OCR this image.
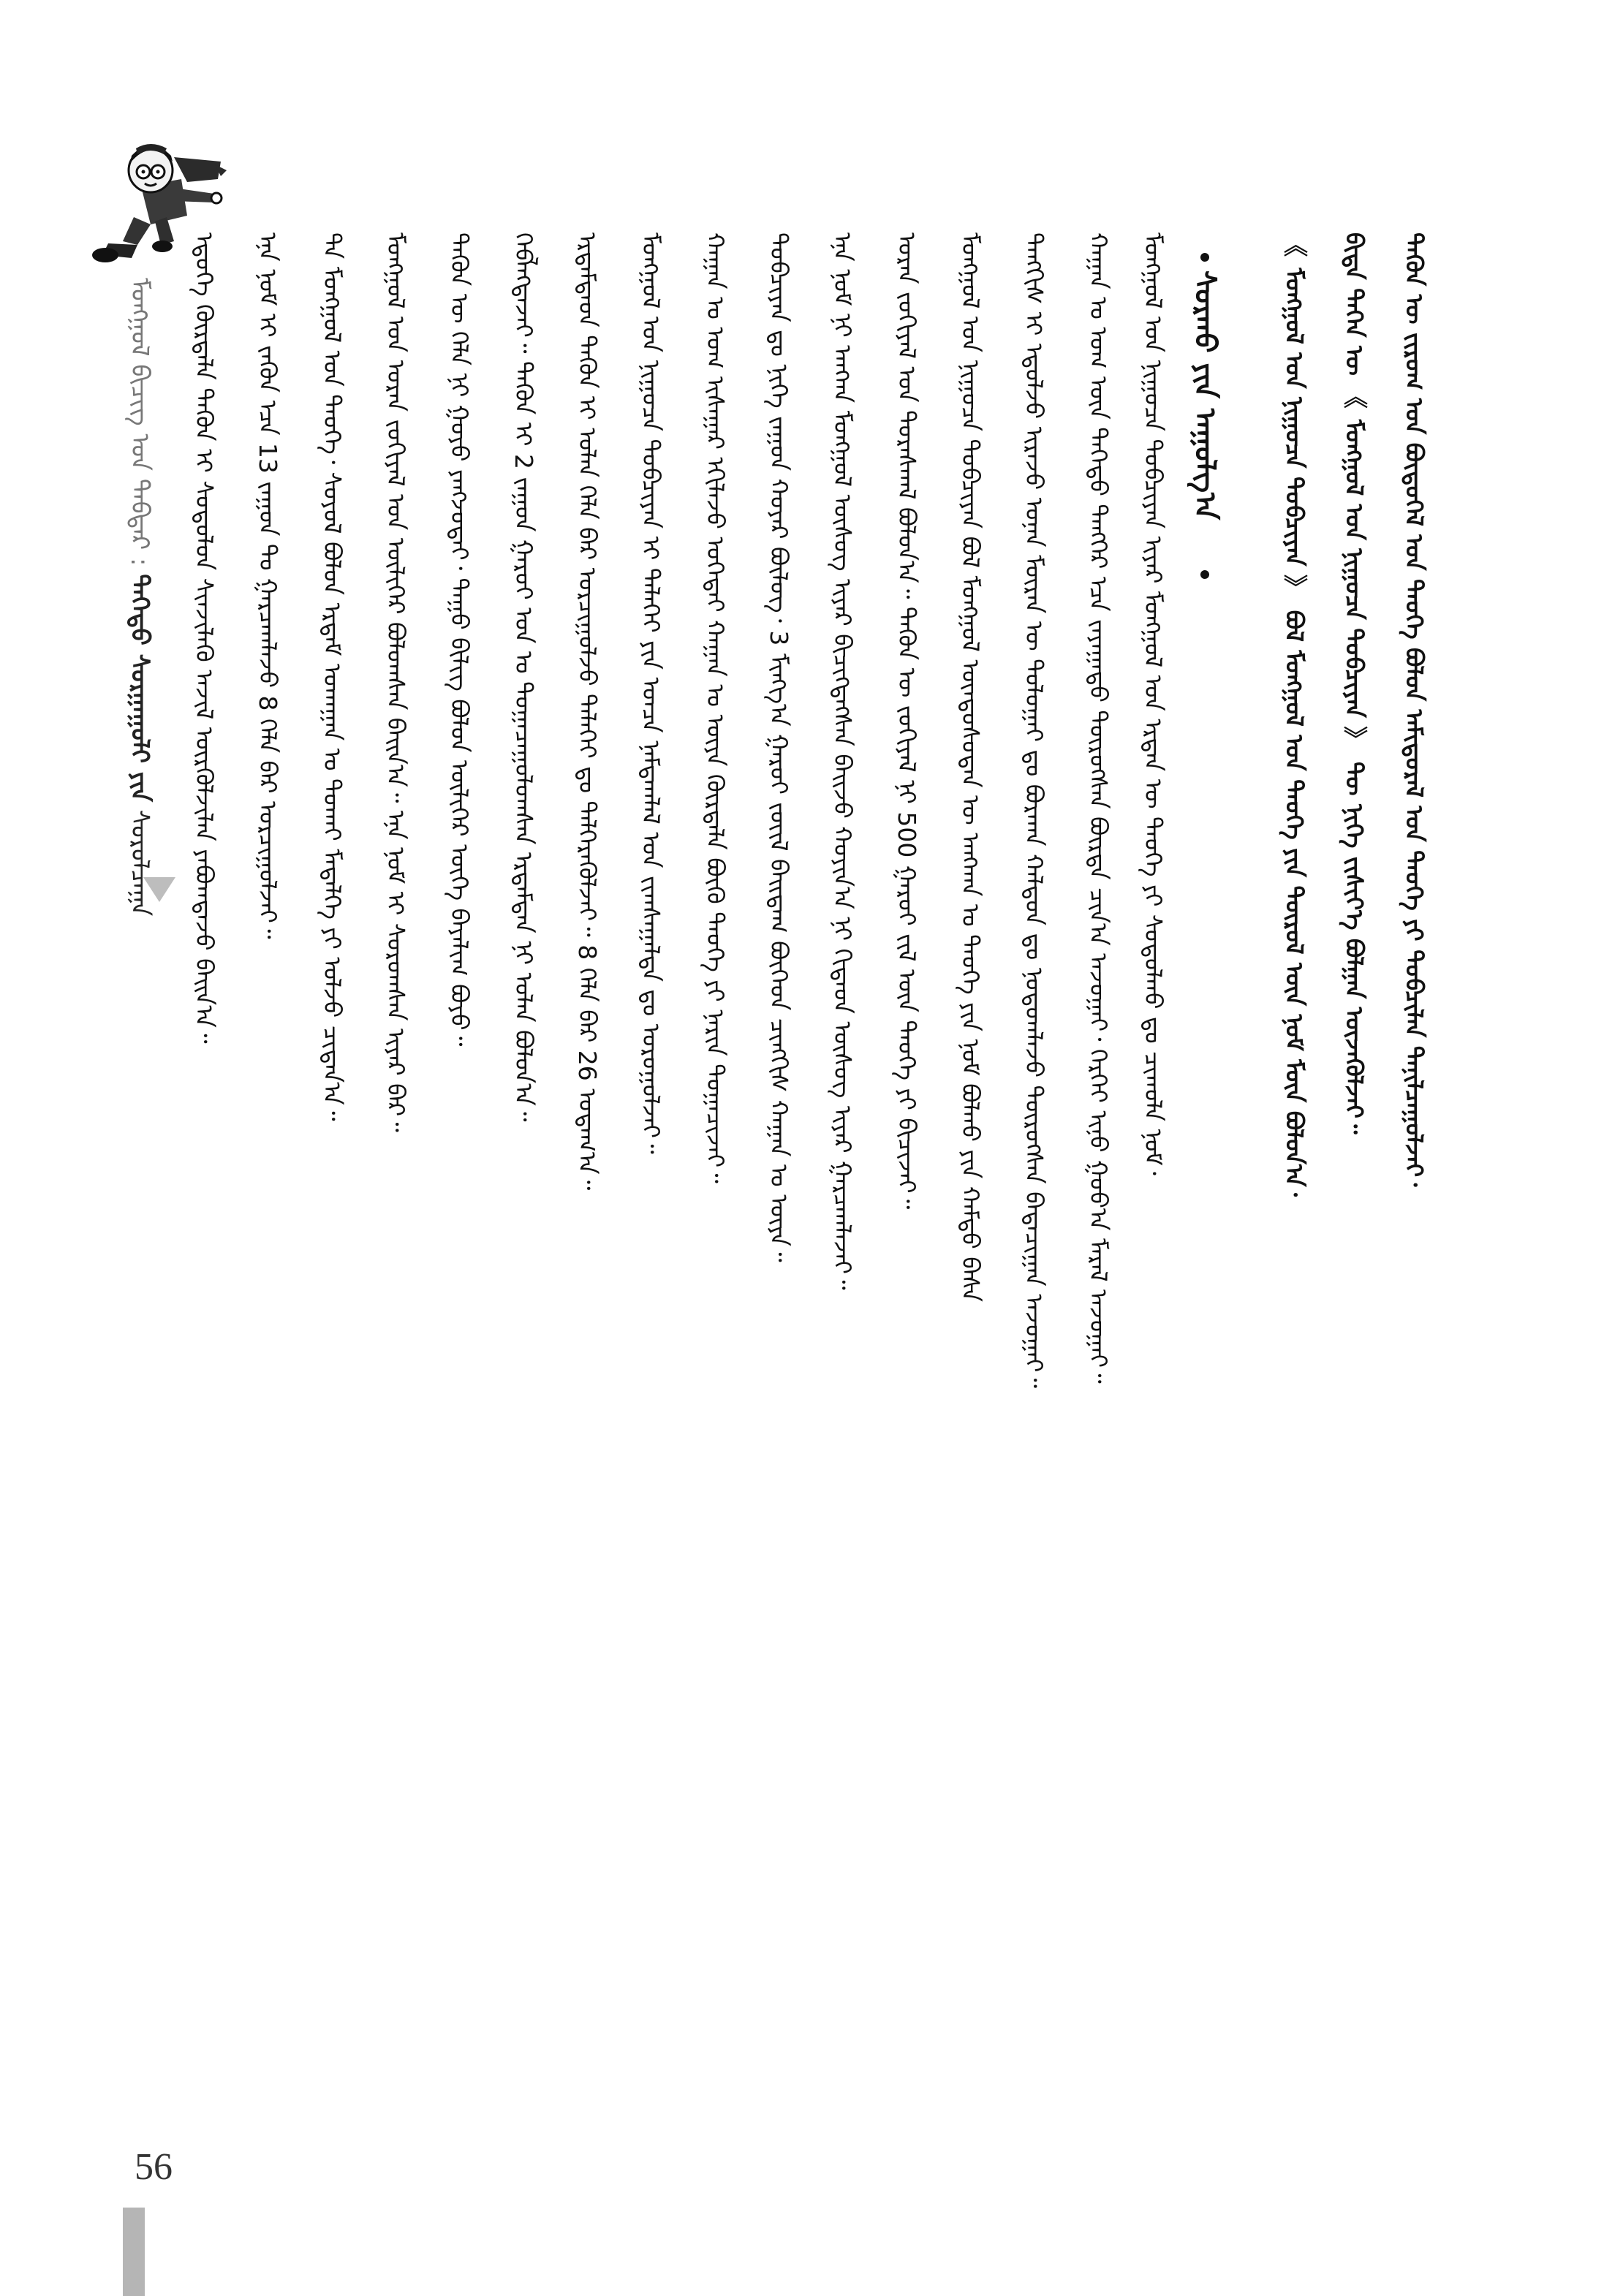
ᠮᠣᠩᠭᠣᠯ ᠪᠢᠴᠢᠭ ᠤᠨ ᠳᠡᠪᠲᠡᠷ : ᠳᠡᠭᠡᠳᠦ ᠰᠤᠷᠭᠠᠭᠤᠯᠢ ᠶᠢᠨ ᠰᠤᠷᠤᠯᠴᠠᠭᠠ
56
ᠲᠡᠭᠦᠨ ᠦ ᠵᠢᠷᠤᠭ ᠤᠨ ᠪᠦᠲᠦᠭᠡᠯ ᠤᠨ ᠲᠡᠤᠬᠡ ᠪᠣᠯᠤᠨ ᠠᠮᠢᠳᠤᠷᠠᠯ ᠤᠨ ᠲᠡᠦᠬᠡ ᠶᠢ ᠲᠣᠪᠴᠢᠯᠠᠨ ᠲᠠᠨᠢᠯᠴᠠᠭᠤᠯᠵᠠᠢ᠂
ᠪᠢᠳᠡ ᠳᠡᠭᠡᠨ ᠦ 《 ᠮᠣᠩᠭᠣᠯ ᠤᠨ ᠨᠢᠭᠤᠴᠠ ᠲᠣᠪᠴᠢᠶᠠᠨ 》 ᠲᠦ ᠨᠢᠭᠡ ᠵᠢᠱᠢᠶ᠎ᠡ ᠪᠣᠯᠭᠠᠨ ᠦᠵᠡᠭᠦᠯᠵᠡᠢ᠃
《 ᠮᠣᠩᠭᠣᠯ ᠤᠨ ᠨᠢᠭᠤᠴᠠ ᠲᠣᠪᠴᠢᠶᠠᠨ 》 ᠪᠣᠯ ᠮᠣᠩᠭᠣᠯ ᠤᠨ ᠲᠡᠦᠬᠡ ᠶᠢᠨ ᠲᠦᠷᠦᠯ ᠦᠨ ᠨᠣᠮ ᠮᠥᠨ ᠪᠣᠯᠤᠨ᠎ᠠ᠂
ᠰᠤᠷᠬᠤ ᠶᠢᠨ ᠠᠭᠤᠯᠭ᠎ᠠ
ᠬᠠᠭᠠᠨ ᠤ ᠤᠭ ᠦᠨ ᠳᠡᠭᠡᠳᠦ ᠲᠡᠩᠭᠡᠷ ᠡᠴᠡ ᠵᠠᠶᠠᠭᠠᠲᠤ ᠲᠥᠷᠦᠭᠰᠡᠨ ᠪᠥᠷᠲᠡ ᠴᠢᠨ᠎ᠠ ᠠᠵᠤᠭᠠᠢ᠂ ᠭᠡᠷᠭᠡᠢ ᠢᠨᠦ ᠭᠤᠤ᠎ᠠ ᠮᠠᠷᠠᠯ ᠠᠵᠤᠭᠠᠢ᠃
ᠲᠡᠩᠭᠢᠰ ᠢ ᠡᠳᠦᠯᠵᠦ ᠢᠷᠡᠵᠦ ᠣᠨᠠᠨ ᠮᠥᠷᠡᠨ ᠦ ᠲᠣᠯᠣᠭᠠᠢ ᠳᠤ ᠪᠤᠷᠬᠠᠨ ᠬᠠᠯᠳᠤᠨ ᠳᠤ ᠨᠤᠲᠤᠭᠯᠠᠵᠤ ᠲᠥᠷᠦᠭᠰᠡᠨ ᠪᠠᠲᠠᠴᠢᠭᠠᠨ ᠠᠵᠤᠭᠠᠢ᠃
ᠮᠣᠩᠭᠣᠯ ᠤᠨ ᠨᠢᠭᠤᠴᠠ ᠲᠣᠪᠴᠢᠶᠠᠨ ᠪᠣᠯ ᠮᠣᠩᠭᠣᠯ ᠦᠨᠳᠦᠰᠦᠲᠡᠨ ᠦ ᠠᠩᠬᠠᠨ ᠤ ᠲᠡᠦᠬᠡ ᠶᠢᠨ ᠨᠣᠮ ᠪᠣᠯᠬᠤ ᠶᠢᠨ ᠬᠠᠮᠲᠤ ᠪᠠᠰᠠ
ᠤᠷᠠᠨ ᠵᠣᠬᠢᠶᠠᠯ ᠤᠨ ᠳᠤᠷᠠᠰᠬᠠᠯ ᠪᠣᠯᠤᠨ᠎ᠠ᠃ ᠲᠡᠭᠦᠨ ᠦ ᠵᠣᠬᠢᠶᠠᠯ ᠨᠢ 500 ᠭᠠᠷᠤᠢ ᠵᠢᠯ ᠦᠨ ᠲᠡᠦᠬᠡ ᠶᠢ ᠪᠢᠴᠢᠵᠡᠢ᠃
ᠡᠨᠡ ᠨᠣᠮ ᠨᠢ ᠠᠨᠭᠬᠠ ᠮᠣᠩᠭᠣᠯ ᠦᠰᠦᠭ ᠢᠶᠡᠷ ᠪᠢᠴᠢᠭᠳᠡᠭᠰᠡᠨ ᠪᠠᠢᠵᠤ ᠬᠣᠶᠢᠨ᠎ᠠ ᠨᠢ ᠬᠢᠲᠠᠳ ᠦᠰᠦᠭ ᠢᠶᠡᠷ ᠭᠠᠷᠴᠠᠭᠯᠠᠵᠠᠢ᠃
ᠲᠣᠪᠴᠢᠶᠠᠨ ᠳᠤ ᠨᠢᠭᠡ ᠵᠠᠭᠤᠨ ᠬᠣᠶᠠᠷ ᠪᠥᠯᠦᠭ᠂ 3 ᠮᠢᠩᠭ᠎ᠠ ᠭᠠᠷᠤᠢ ᠵᠦᠢᠯ ᠪᠠᠢᠳᠠᠭ ᠪᠥᠭᠡᠳ ᠴᠢᠩᠭᠢᠰ ᠬᠠᠭᠠᠨ ᠤ ᠦᠶᠡ᠃
ᠬᠠᠭᠠᠨ ᠤ ᠤᠭ ᠢᠰᠠᠭᠠᠷ ᠡᠬᠢᠯᠡᠵᠦ ᠣᠭᠡᠳᠡᠢ ᠬᠠᠭᠠᠨ ᠤ ᠦᠶᠡ ᠬᠦᠷᠲᠡᠯᠡ ᠪᠦᠬᠦ ᠲᠡᠦᠬᠡ ᠶᠢ ᠨᠠᠷᠢᠨ ᠲᠣᠭᠠᠴᠢᠵᠠᠢ᠃
ᠮᠣᠩᠭᠣᠯ ᠤᠨ ᠨᠢᠭᠤᠴᠠ ᠲᠣᠪᠴᠢᠶᠠᠨ ᠢ ᠳᠡᠯᠡᠬᠡᠢ ᠶᠢᠨ ᠣᠨᠴᠠ ᠨᠠᠮᠳᠠᠭᠯᠠᠯ ᠤᠨ ᠵᠢᠭᠰᠠᠭᠠᠯᠲᠠ ᠳᠤ ᠣᠷᠤᠭᠤᠯᠵᠠᠢ᠃
ᠡᠷᠳᠡᠮᠲᠡᠳ ᠲᠡᠭᠦᠨ ᠢ ᠣᠯᠠᠨ ᠬᠡᠯᠡ ᠪᠡᠷ ᠣᠷᠴᠢᠭᠤᠯᠵᠤ ᠳᠡᠯᠡᠬᠡᠢ ᠳᠤ ᠳᠡᠯᠭᠡᠷᠡᠭᠦᠯᠵᠡᠢ᠃ 8 ᠬᠡᠯᠡ ᠪᠡᠷ 26 ᠤᠳᠠᠭ᠎ᠠ᠃
ᠬᠡᠪᠯᠡᠭᠳᠡᠵᠡᠢ᠃ ᠲᠡᠭᠦᠨ ᠢ 2 ᠵᠠᠭᠤᠨ ᠭᠠᠷᠤᠢ ᠣᠨ ᠤ ᠲᠣᠭᠠᠴᠠᠭᠤᠯᠤᠭᠰᠠᠨ ᠡᠷᠳᠡᠮᠲᠡᠨ ᠨᠢ ᠣᠯᠠᠨ ᠪᠣᠯᠤᠨ᠎ᠠ᠃
ᠲᠡᠭᠦᠨ ᠦ ᠬᠡᠯᠡ ᠨᠢ ᠭᠣᠶᠣ ᠶᠠᠩᠵᠤᠲᠠᠢ᠂ ᠳᠠᠭᠤ ᠪᠢᠯᠢᠭ ᠪᠣᠯᠤᠨ ᠦᠯᠢᠭᠡᠷ ᠦᠭᠡ ᠪᠠᠶᠠᠯᠢᠭ ᠪᠤᠶᠤ᠃
ᠮᠣᠩᠭᠣᠯ ᠤᠨ ᠤᠷᠠᠨ ᠵᠣᠬᠢᠶᠠᠯ ᠤᠨ ᠦᠯᠢᠭᠡᠷ ᠪᠣᠯᠤᠭᠰᠠᠨ ᠪᠠᠢᠨ᠎ᠠ᠃ ᠡᠨᠡ ᠨᠣᠮ ᠢ ᠰᠤᠷᠤᠭᠰᠠᠨ ᠢᠶᠡᠷ ᠪᠡᠷ᠃
ᠲᠠ ᠮᠣᠩᠭᠣᠯ ᠤᠨ ᠲᠡᠦᠬᠡ᠂ ᠰᠣᠶᠣᠯ ᠪᠣᠯᠤᠨ ᠡᠷᠳᠡᠮ ᠤᠬᠠᠭᠠᠨ ᠤ ᠲᠤᠬᠠᠢ ᠮᠡᠳᠡᠯᠭᠡ ᠶᠢ ᠣᠯᠵᠤ ᠴᠢᠳᠠᠨ᠎ᠠ᠃
ᠡᠨᠡ ᠨᠣᠮ ᠢ ᠵᠡᠭᠦᠨ ᠡᠴᠡ 13 ᠵᠠᠭᠤᠨ ᠲᠤ ᠭᠠᠷᠴᠠᠭᠯᠠᠵᠤ 8 ᠬᠡᠯᠡ ᠪᠡᠷ ᠣᠷᠴᠢᠭᠤᠯᠵᠠᠢ᠃
ᠡᠳᠦᠭᠡ ᠬᠦᠷᠲᠡᠯᠡ ᠲᠡᠭᠦᠨ ᠢ ᠰᠤᠳᠤᠯᠤᠨ ᠰᠢᠨᠵᠢᠯᠡᠬᠦ ᠠᠵᠢᠯ ᠦᠷᠭᠦᠯᠵᠢᠯᠡᠨ ᠶᠠᠪᠤᠭᠳᠠᠵᠤ ᠪᠠᠢᠨ᠎ᠠ᠃	ᠮᠣᠩᠭᠣᠯ ᠤᠨ ᠨᠢᠭᠤᠴᠠ ᠲᠣᠪᠴᠢᠶᠠᠨ ᠢᠶᠠᠷ ᠮᠣᠩᠭᠣᠯ ᠤᠨ ᠡᠷᠲᠡᠨ ᠦ ᠲᠡᠦᠬᠡ ᠶᠢ ᠰᠤᠳᠤᠯᠬᠤ ᠳᠤ ᠴᠢᠬᠤᠯᠠ ᠨᠣᠮ᠂
